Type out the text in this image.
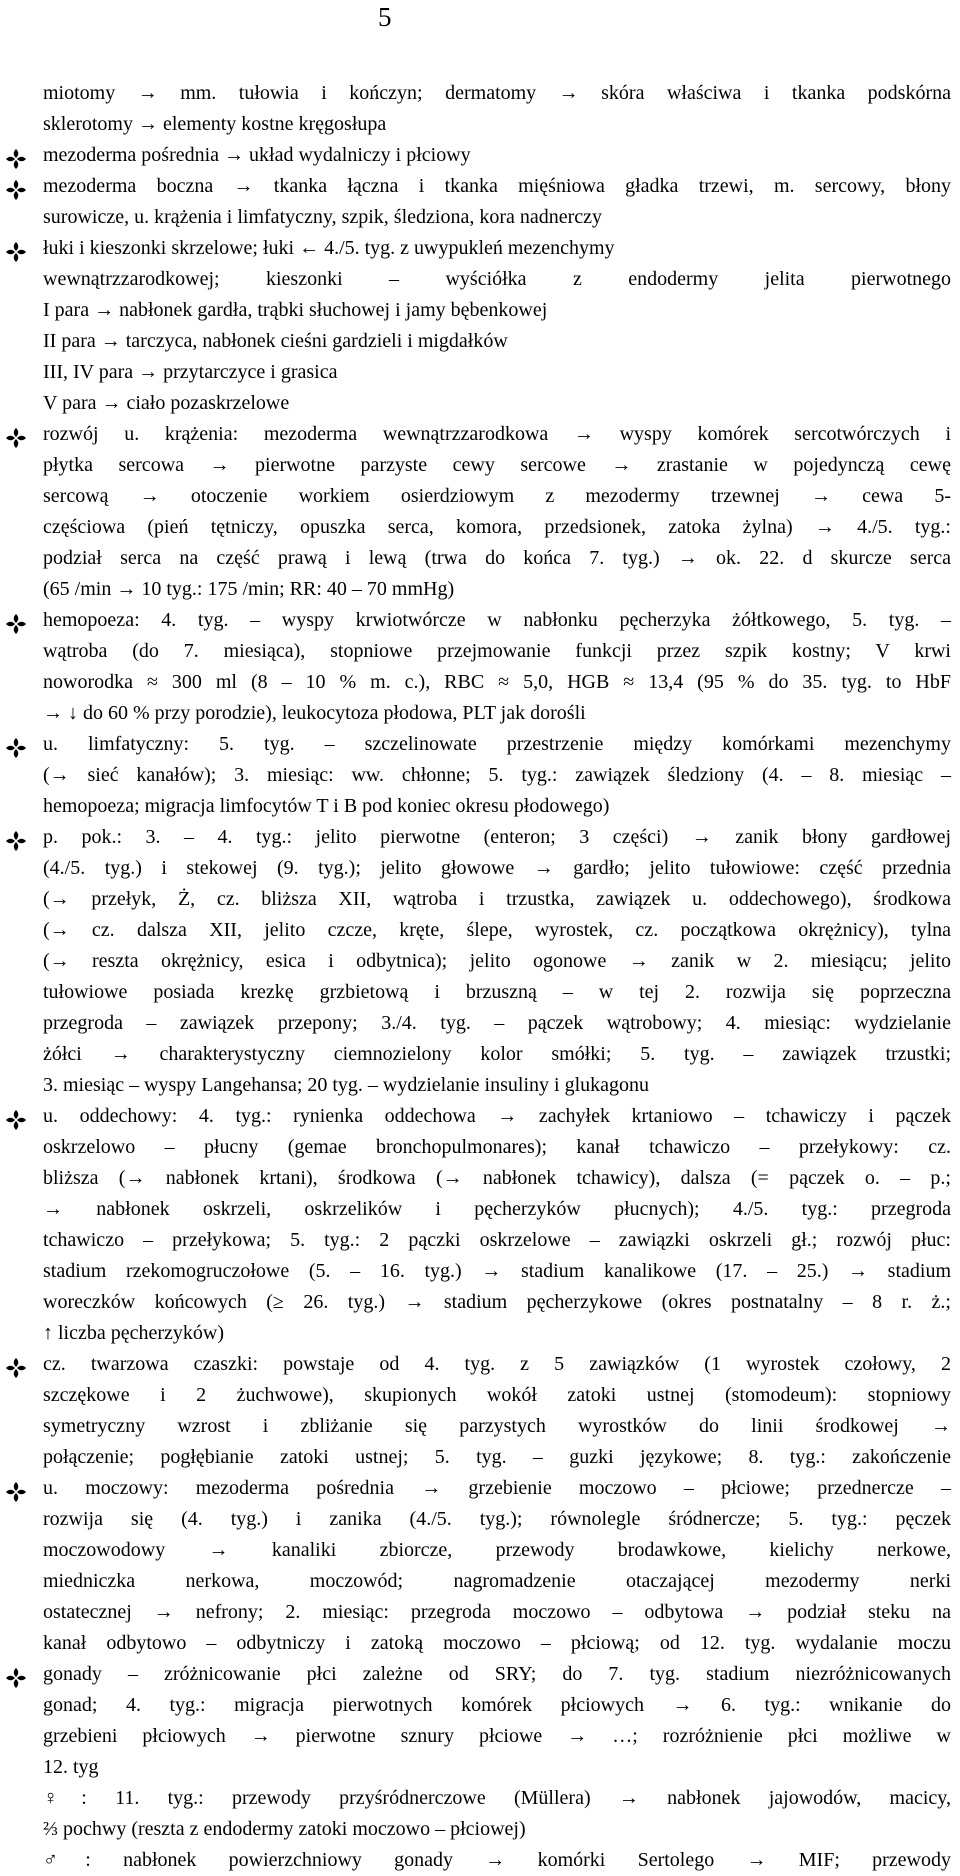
5
miotomy → mm. tułowia i kończyn; dermatomy → skóra właściwa i tkanka podskórna
sklerotomy → elementy kostne kręgosłupa
mezoderma pośrednia → układ wydalniczy i płciowy
mezoderma boczna → tkanka łączna i tkanka mięśniowa gładka trzewi, m. sercowy, błony
surowicze, u. krążenia i limfatyczny, szpik, śledziona, kora nadnerczy
łuki i kieszonki skrzelowe; łuki ← 4./5. tyg. z uwypukleń mezenchymy
wewnątrzzarodkowej; kieszonki – wyściółka z endodermy jelita pierwotnego
I para → nabłonek gardła, trąbki słuchowej i jamy bębenkowej
II para → tarczyca, nabłonek cieśni gardzieli i migdałków
III, IV para → przytarczyce i grasica
V para → ciało pozaskrzelowe
rozwój u. krążenia: mezoderma wewnątrzzarodkowa → wyspy komórek sercotwórczych i
płytka sercowa → pierwotne parzyste cewy sercowe → zrastanie w pojedynczą cewę
sercową → otoczenie workiem osierdziowym z mezodermy trzewnej → cewa 5-
częściowa (pień tętniczy, opuszka serca, komora, przedsionek, zatoka żylna) → 4./5. tyg.:
podział serca na część prawą i lewą (trwa do końca 7. tyg.) → ok. 22. d skurcze serca
(65 /min → 10 tyg.: 175 /min; RR: 40 – 70 mmHg)
hemopoeza: 4. tyg. – wyspy krwiotwórcze w nabłonku pęcherzyka żółtkowego, 5. tyg. –
wątroba (do 7. miesiąca), stopniowe przejmowanie funkcji przez szpik kostny; V krwi
noworodka ≈ 300 ml (8 – 10 % m. c.), RBC ≈ 5,0, HGB ≈ 13,4 (95 % do 35. tyg. to HbF
→ ↓ do 60 % przy porodzie), leukocytoza płodowa, PLT jak dorośli
u. limfatyczny: 5. tyg. – szczelinowate przestrzenie między komórkami mezenchymy
(→ sieć kanałów); 3. miesiąc: ww. chłonne; 5. tyg.: zawiązek śledziony (4. – 8. miesiąc –
hemopoeza; migracja limfocytów T i B pod koniec okresu płodowego)
p. pok.: 3. – 4. tyg.: jelito pierwotne (enteron; 3 części) → zanik błony gardłowej
(4./5. tyg.) i stekowej (9. tyg.); jelito głowowe → gardło; jelito tułowiowe: część przednia
(→ przełyk, Ż, cz. bliższa XII, wątroba i trzustka, zawiązek u. oddechowego), środkowa
(→ cz. dalsza XII, jelito czcze, kręte, ślepe, wyrostek, cz. początkowa okrężnicy), tylna
(→ reszta okrężnicy, esica i odbytnica); jelito ogonowe → zanik w 2. miesiącu; jelito
tułowiowe posiada krezkę grzbietową i brzuszną – w tej 2. rozwija się poprzeczna
przegroda – zawiązek przepony; 3./4. tyg. – pączek wątrobowy; 4. miesiąc: wydzielanie
żółci → charakterystyczny ciemnozielony kolor smółki; 5. tyg. – zawiązek trzustki;
3. miesiąc – wyspy Langehansa; 20 tyg. – wydzielanie insuliny i glukagonu
u. oddechowy: 4. tyg.: rynienka oddechowa → zachyłek krtaniowo – tchawiczy i pączek
oskrzelowo – płucny (gemae bronchopulmonares); kanał tchawiczo – przełykowy: cz.
bliższa (→ nabłonek krtani), środkowa (→ nabłonek tchawicy), dalsza (= pączek o. – p.;
→ nabłonek oskrzeli, oskrzelików i pęcherzyków płucnych); 4./5. tyg.: przegroda
tchawiczo – przełykowa; 5. tyg.: 2 pączki oskrzelowe – zawiązki oskrzeli gł.; rozwój płuc:
stadium rzekomogruczołowe (5. – 16. tyg.) → stadium kanalikowe (17. – 25.) → stadium
woreczków końcowych (≥ 26. tyg.) → stadium pęcherzykowe (okres postnatalny – 8 r. ż.;
↑ liczba pęcherzyków)
cz. twarzowa czaszki: powstaje od 4. tyg. z 5 zawiązków (1 wyrostek czołowy, 2
szczękowe i 2 żuchwowe), skupionych wokół zatoki ustnej (stomodeum): stopniowy
symetryczny wzrost i zbliżanie się parzystych wyrostków do linii środkowej →
połączenie; pogłębianie zatoki ustnej; 5. tyg. – guzki językowe; 8. tyg.: zakończenie
u. moczowy: mezoderma pośrednia → grzebienie moczowo – płciowe; przednercze –
rozwija się (4. tyg.) i zanika (4./5. tyg.); równolegle śródnercze; 5. tyg.: pęczek
moczowodowy → kanaliki zbiorcze, przewody brodawkowe, kielichy nerkowe,
miedniczka nerkowa, moczowód; nagromadzenie otaczającej mezodermy nerki
ostatecznej → nefrony; 2. miesiąc: przegroda moczowo – odbytowa → podział steku na
kanał odbytowo – odbytniczy i zatoką moczowo – płciową; od 12. tyg. wydalanie moczu
gonady – zróżnicowanie płci zależne od SRY; do 7. tyg. stadium niezróżnicowanych
gonad; 4. tyg.: migracja pierwotnych komórek płciowych → 6. tyg.: wnikanie do
grzebieni płciowych → pierwotne sznury płciowe → …; rozróżnienie płci możliwe w
12. tyg
♀: 11. tyg.: przewody przyśródnerczowe (Müllera) → nabłonek jajowodów, macicy,
⅔ pochwy (reszta z endodermy zatoki moczowo – płciowej)
♂: nabłonek powierzchniowy gonady → komórki Sertolego → MIF; przewody
